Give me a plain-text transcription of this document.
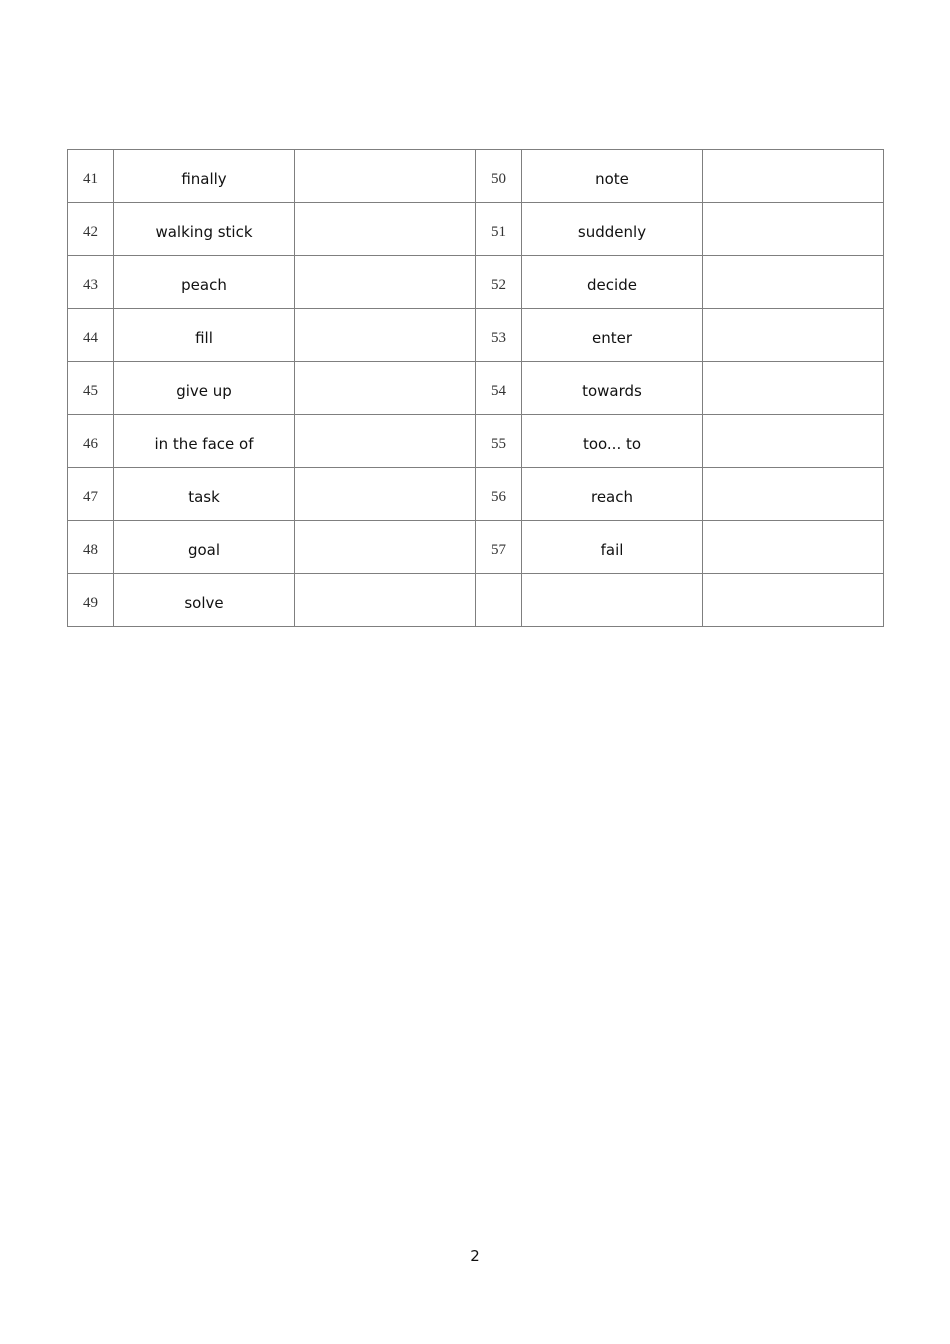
41	finally		50	note	
42	walking stick		51	suddenly	
43	peach		52	decide	
44	fill		53	enter	
45	give up		54	towards	
46	in the face of		55	too... to	
47	task		56	reach	
48	goal		57	fail	
49	solve				
2
